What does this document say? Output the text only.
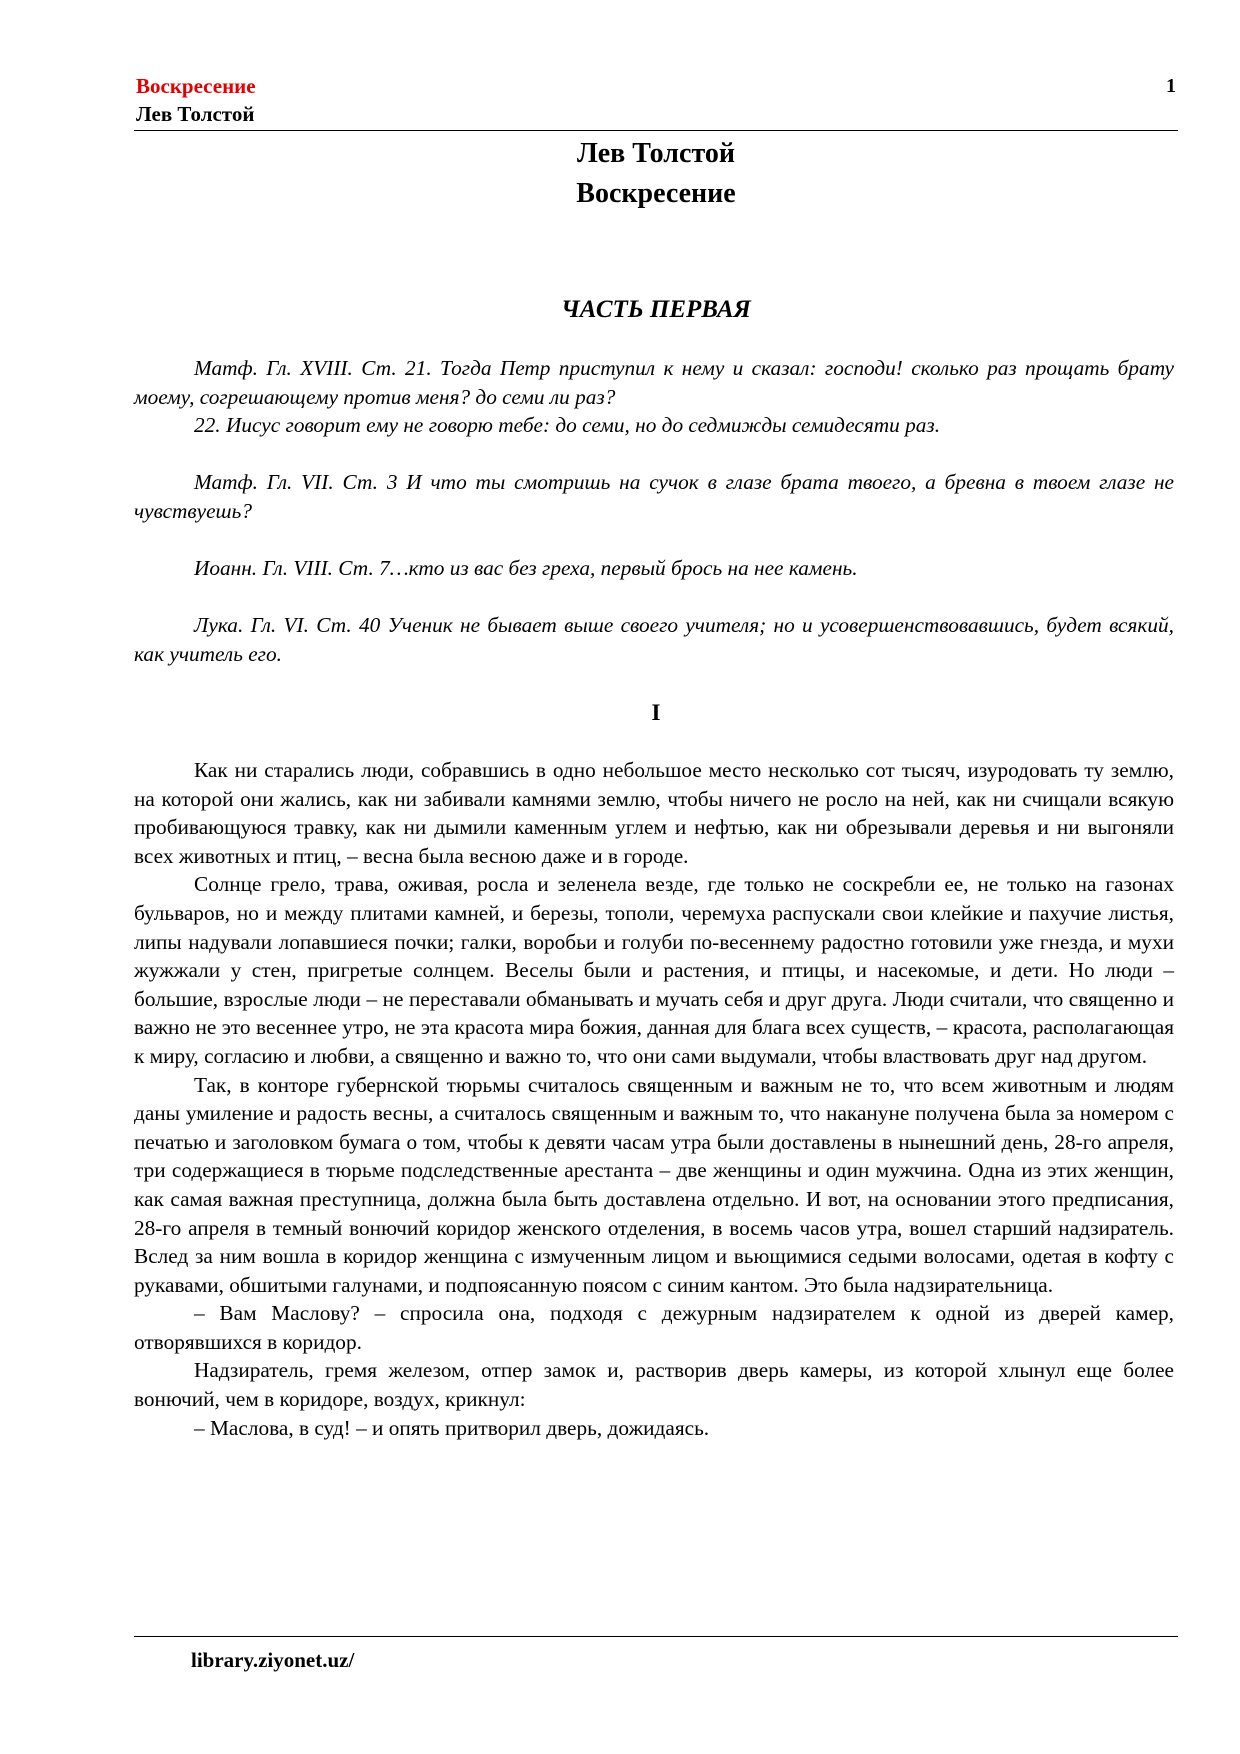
Воскресение
Лев Толстой
1
Лев Толстой
Воскресение
ЧАСТЬ ПЕРВАЯ

Матф. Гл. XVIII. Ст. 21. Тогда Петр приступил к нему и сказал: господи! сколько раз прощать брату моему, согрешающему против меня? до семи ли раз?

22. Иисус говорит ему не говорю тебе: до семи, но до седмижды семидесяти раз.

Матф. Гл. VII. Ст. 3 И что ты смотришь на сучок в глазе брата твоего, а бревна в твоем глазе не чувствуешь?

Иоанн. Гл. VIII. Ст. 7…кто из вас без греха, первый брось на нее камень.

Лука. Гл. VI. Ст. 40 Ученик не бывает выше своего учителя; но и усовершенствовавшись, будет всякий, как учитель его.

I

Как ни старались люди, собравшись в одно небольшое место несколько сот тысяч, изуродовать ту землю, на которой они жались, как ни забивали камнями землю, чтобы ничего не росло на ней, как ни счищали всякую пробивающуюся травку, как ни дымили каменным углем и нефтью, как ни обрезывали деревья и ни выгоняли всех животных и птиц, – весна была весною даже и в городе.

Солнце грело, трава, оживая, росла и зеленела везде, где только не соскребли ее, не только на газонах бульваров, но и между плитами камней, и березы, тополи, черемуха распускали свои клейкие и пахучие листья, липы надували лопавшиеся почки; галки, воробьи и голуби по-весеннему радостно готовили уже гнезда, и мухи жужжали у стен, пригретые солнцем. Веселы были и растения, и птицы, и насекомые, и дети. Но люди – большие, взрослые люди – не переставали обманывать и мучать себя и друг друга. Люди считали, что священно и важно не это весеннее утро, не эта красота мира божия, данная для блага всех существ, – красота, располагающая к миру, согласию и любви, а священно и важно то, что они сами выдумали, чтобы властвовать друг над другом.

Так, в конторе губернской тюрьмы считалось священным и важным не то, что всем животным и людям даны умиление и радость весны, а считалось священным и важным то, что накануне получена была за номером с печатью и заголовком бумага о том, чтобы к девяти часам утра были доставлены в нынешний день, 28-го апреля, три содержащиеся в тюрьме подследственные арестанта – две женщины и один мужчина. Одна из этих женщин, как самая важная преступница, должна была быть доставлена отдельно. И вот, на основании этого предписания, 28-го апреля в темный вонючий коридор женского отделения, в восемь часов утра, вошел старший надзиратель. Вслед за ним вошла в коридор женщина с измученным лицом и вьющимися седыми волосами, одетая в кофту с рукавами, обшитыми галунами, и подпоясанную поясом с синим кантом. Это была надзирательница.

– Вам Маслову? – спросила она, подходя с дежурным надзирателем к одной из дверей камер, отворявшихся в коридор.

Надзиратель, гремя железом, отпер замок и, растворив дверь камеры, из которой хлынул еще более вонючий, чем в коридоре, воздух, крикнул:

– Маслова, в суд! – и опять притворил дверь, дожидаясь.

library.ziyonet.uz/
